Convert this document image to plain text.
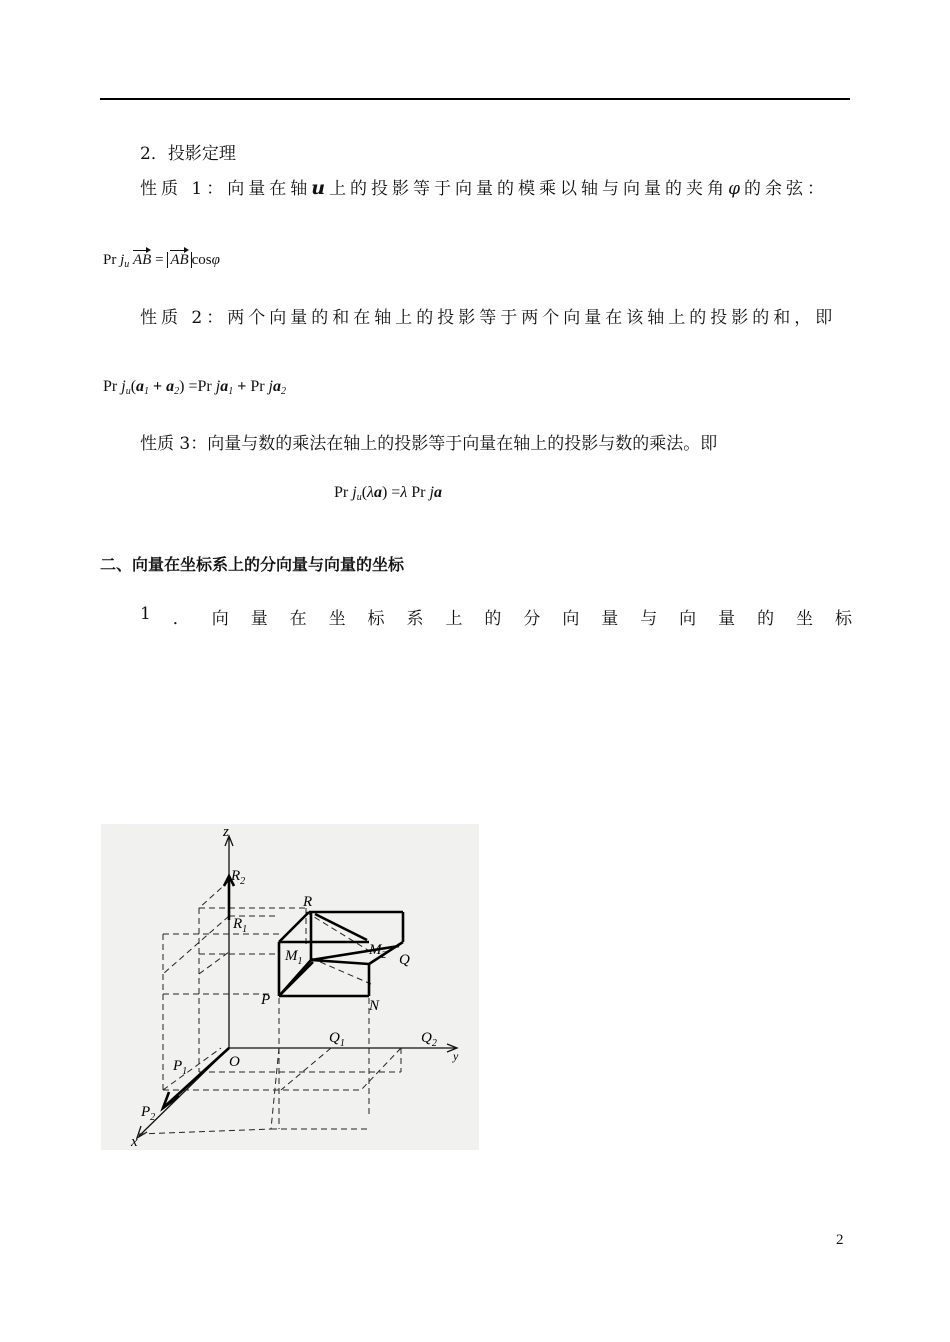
2．投影定理
性质 1：向量在轴u上的投影等于向量的模乘以轴与向量的夹角φ的余弦：
Pr $j_u$ AB = AB cosφ
性质 2：两个向量的和在轴上的投影等于两个向量在该轴上的投影的和，即
Pr ju(a1 + a2) =Pr ja1 + Pr ja2
性质 3：向量与数的乘法在轴上的投影等于向量在轴上的投影与数的乘法。即
Pr ju(λa) =λ Pr ja
二、向量在坐标系上的分向量与向量的坐标
1 ． 向 量 在 坐 标 系 上 的 分 向 量 与 向 量 的 坐 标
z
x
y
O
$R_2$
$R_1$
R
$M_1$
$M_2$ Q
P	N
$P_1$
$P_2$
$Q_1$	$Q_2$
2
